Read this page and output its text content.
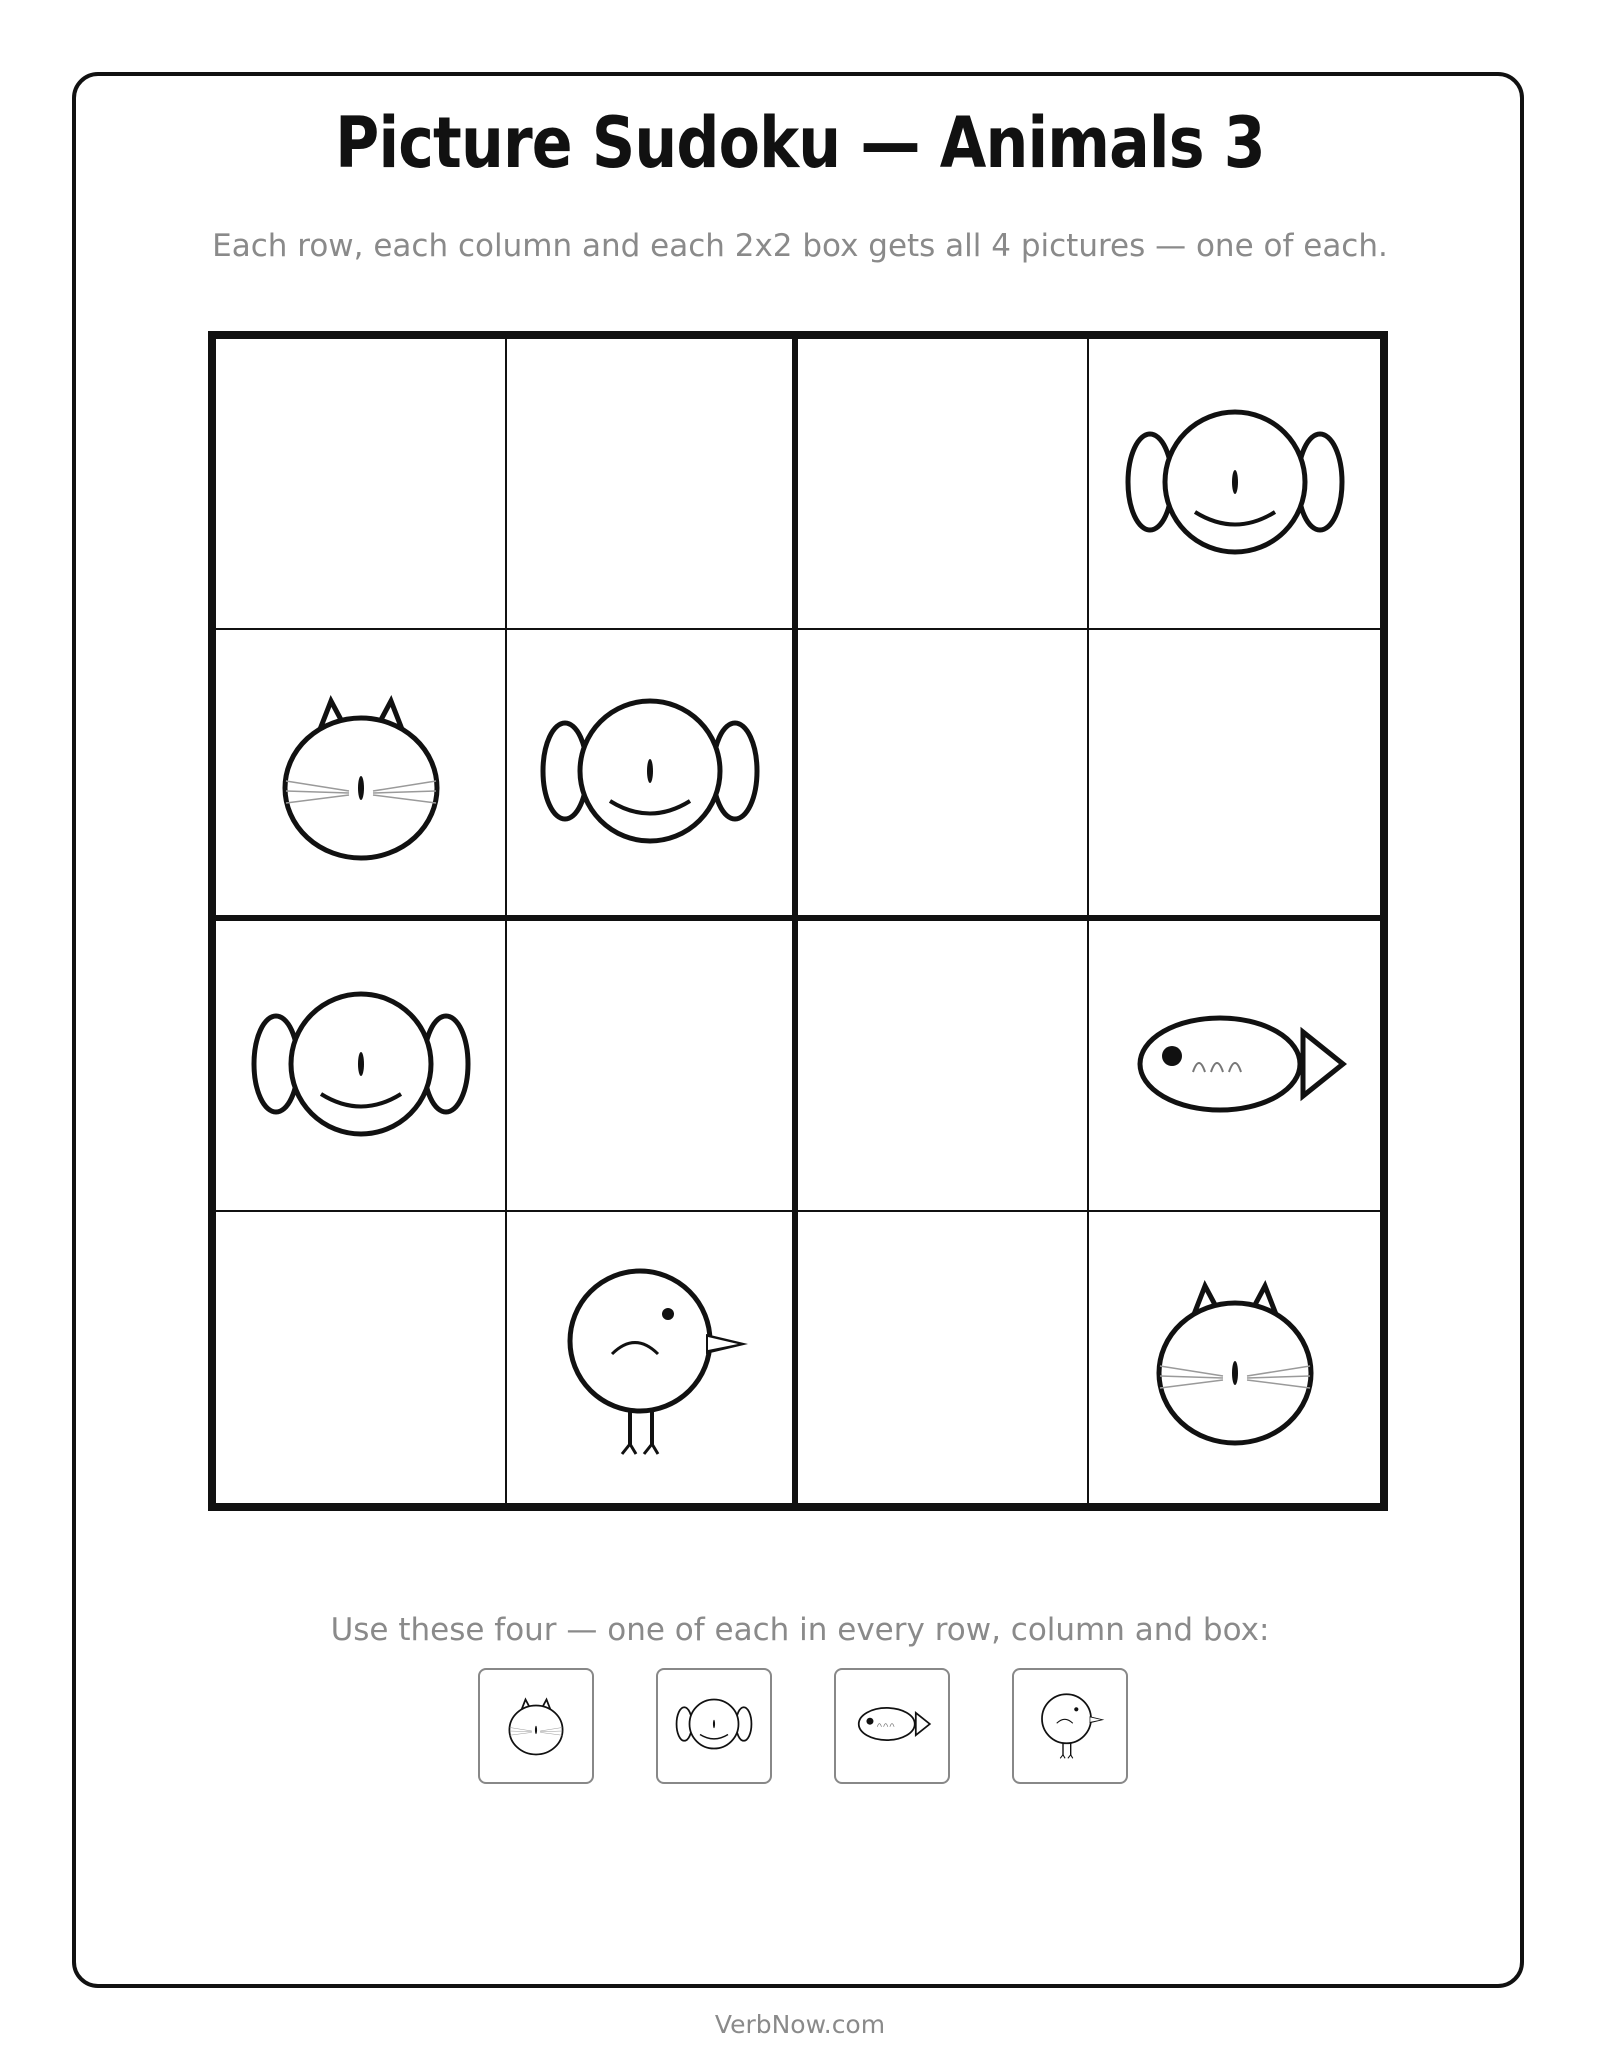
Picture Sudoku — Animals 3
Each row, each column and each 2x2 box gets all 4 pictures — one of each.
Use these four — one of each in every row, column and box:
VerbNow.com
